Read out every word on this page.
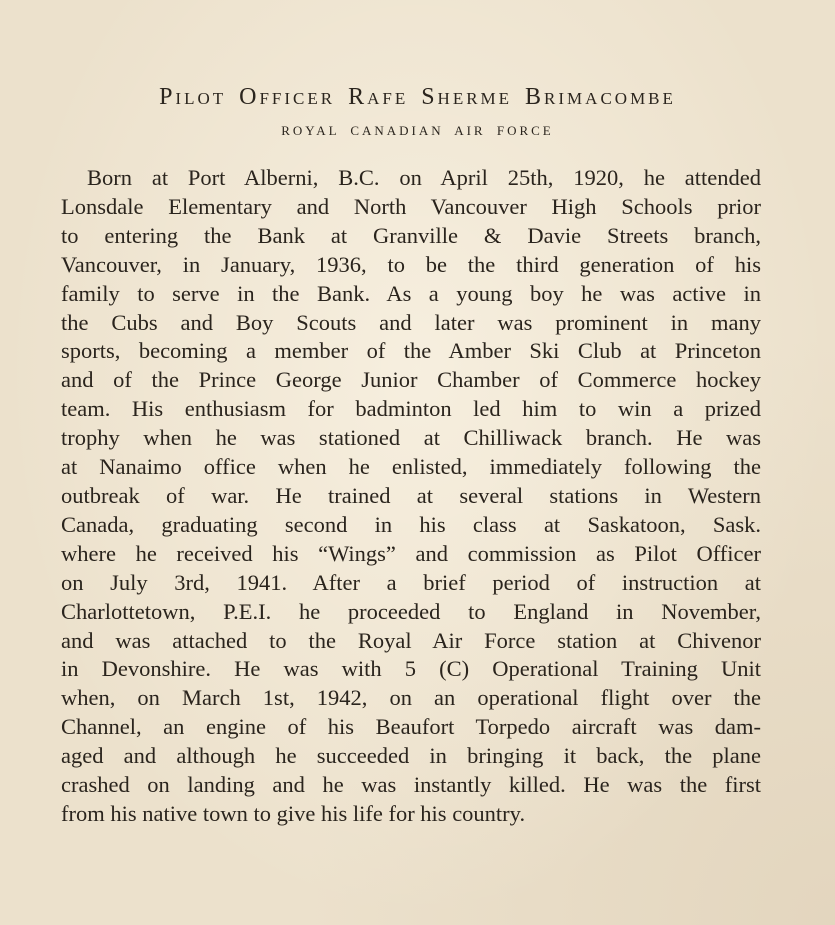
Pilot Officer Rafe Sherme Brimacombe
ROYAL CANADIAN AIR FORCE

Born at Port Alberni, B.C. on April 25th, 1920, he attended
Lonsdale Elementary and North Vancouver High Schools prior
to entering the Bank at Granville & Davie Streets branch,
Vancouver, in January, 1936, to be the third generation of his
family to serve in the Bank. As a young boy he was active in
the Cubs and Boy Scouts and later was prominent in many
sports, becoming a member of the Amber Ski Club at Princeton
and of the Prince George Junior Chamber of Commerce hockey
team. His enthusiasm for badminton led him to win a prized
trophy when he was stationed at Chilliwack branch. He was
at Nanaimo office when he enlisted, immediately following the
outbreak of war. He trained at several stations in Western
Canada, graduating second in his class at Saskatoon, Sask.
where he received his “Wings” and commission as Pilot Officer
on July 3rd, 1941. After a brief period of instruction at
Charlottetown, P.E.I. he proceeded to England in November,
and was attached to the Royal Air Force station at Chivenor
in Devonshire. He was with 5 (C) Operational Training Unit
when, on March 1st, 1942, on an operational flight over the
Channel, an engine of his Beaufort Torpedo aircraft was dam-
aged and although he succeeded in bringing it back, the plane
crashed on landing and he was instantly killed. He was the first
from his native town to give his life for his country.
